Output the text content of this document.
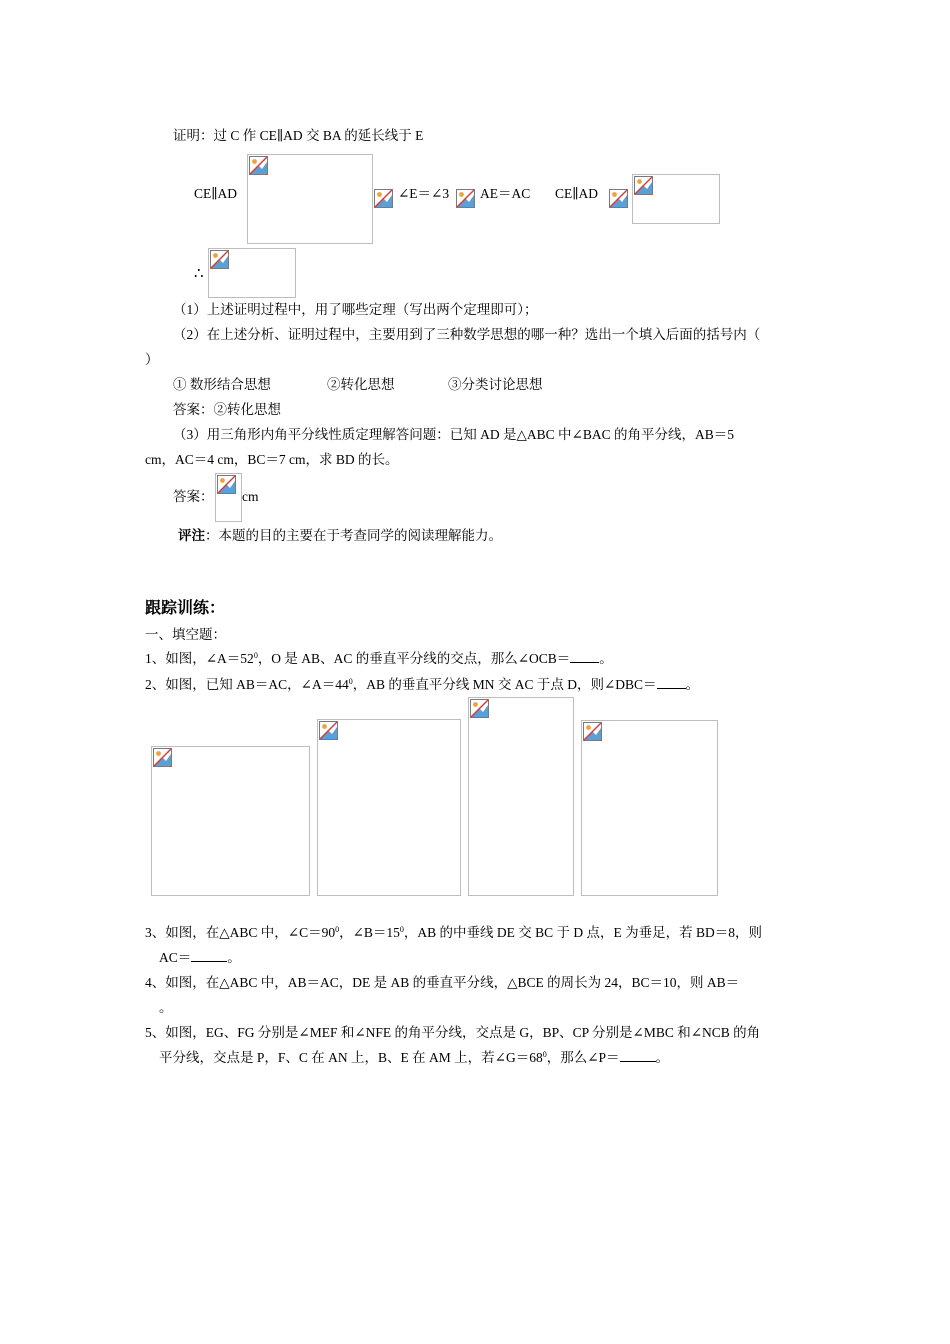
证明：过 C 作 CE∥AD 交 BA 的延长线于 E
CE∥AD	∠E＝∠3 AE＝AC CE∥AD
∴
（1）上述证明过程中，用了哪些定理（写出两个定理即可）；
（2）在上述分析、证明过程中，主要用到了三种数学思想的哪一种？选出一个填入后面的括号内（
）
① 数形结合思想	②转化思想	③分类讨论思想
答案：②转化思想
（3）用三角形内角平分线性质定理解答问题：已知 AD 是△ABC 中∠BAC 的角平分线，AB＝5
cm，AC＝4 cm，BC＝7 cm，求 BD 的长。
答案： cm
评注：本题的目的主要在于考查同学的阅读理解能力。
跟踪训练：
一、填空题：
1、如图，$\angle A=52^0$，O 是 AB、AC 的垂直平分线的交点，那么∠OCB＝ 。
2、如图，已知 AB＝AC，$\angle A=44^0$，AB 的垂直平分线 MN 交 AC 于点 D，则∠DBC＝ 。
3、如图，在△ABC 中，$\angle C=90^0$，$\angle B=15^0$，AB 的中垂线 DE 交 BC 于 D 点，E 为垂足，若 BD＝8，则
AC＝	。
4、如图，在△ABC 中，AB＝AC，DE 是 AB 的垂直平分线，△BCE 的周长为 24，BC＝10，则 AB＝
。
5、如图，EG、FG 分别是∠MEF 和∠NFE 的角平分线，交点是 G，BP、CP 分别是∠MBC 和∠NCB 的角
平分线，交点是 P，F、C 在 AN 上，B、E 在 AM 上，若$\angle G=68^0$，那么∠P＝	。
